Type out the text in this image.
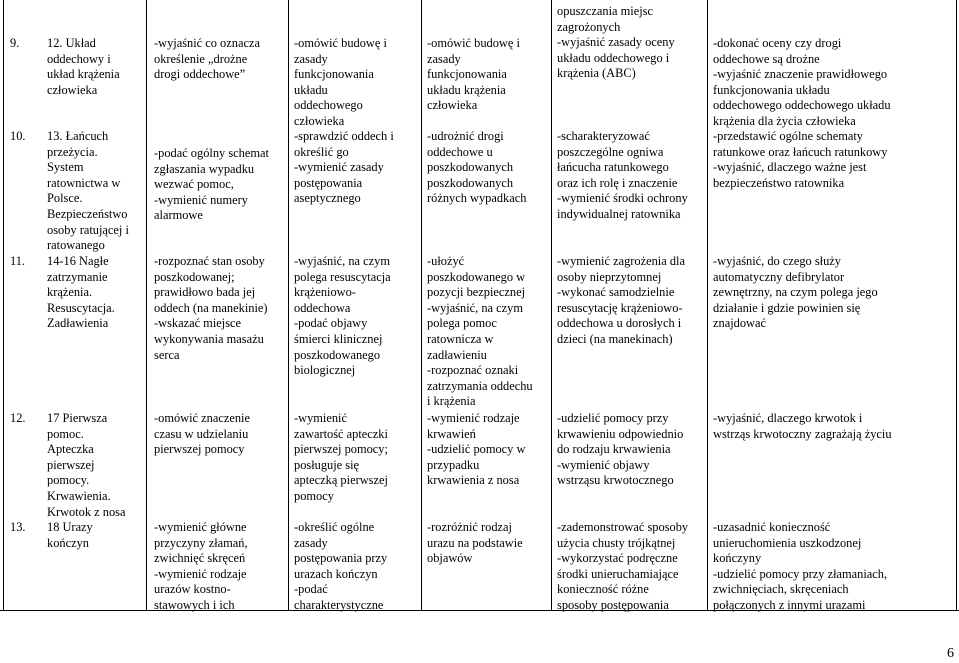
9. 12. Układ
oddechowy i
układ krążenia
człowieka
-wyjaśnić co oznacza
określenie „drożne
drogi oddechowe”
-omówić budowę i
zasady
funkcjonowania
układu
oddechowego
człowieka
-omówić budowę i
zasady
funkcjonowania
układu krążenia
człowieka
opuszczania miejsc
zagrożonych
-wyjaśnić zasady oceny
układu oddechowego i
krążenia (ABC)
-dokonać oceny czy drogi
oddechowe są drożne
-wyjaśnić znaczenie prawidłowego
funkcjonowania układu
oddechowego oddechowego układu
krążenia dla życia człowieka
10. 13. Łańcuch
przeżycia.
System
ratownictwa w
Polsce.
Bezpieczeństwo
osoby ratującej i
ratowanego
-podać ogólny schemat
zgłaszania wypadku
wezwać pomoc,
-wymienić numery
alarmowe
-sprawdzić oddech i
określić go
-wymienić zasady
postępowania
aseptycznego
-udrożnić drogi
oddechowe u
poszkodowanych
poszkodowanych
różnych wypadkach
-scharakteryzować
poszczególne ogniwa
łańcucha ratunkowego
oraz ich rolę i znaczenie
-wymienić środki ochrony
indywidualnej ratownika
-przedstawić ogólne schematy
ratunkowe oraz łańcuch ratunkowy
-wyjaśnić, dlaczego ważne jest
bezpieczeństwo ratownika
11. 14-16 Nagłe
zatrzymanie
krążenia.
Resuscytacja.
Zadławienia
-rozpoznać stan osoby
poszkodowanej;
prawidłowo bada jej
oddech (na manekinie)
-wskazać miejsce
wykonywania masażu
serca
-wyjaśnić, na czym
polega resuscytacja
krążeniowo-
oddechowa
-podać objawy
śmierci klinicznej
poszkodowanego
biologicznej
-ułożyć
poszkodowanego w
pozycji bezpiecznej
-wyjaśnić, na czym
polega pomoc
ratownicza w
zadławieniu
-rozpoznać oznaki
zatrzymania oddechu
i krążenia
-wymienić zagrożenia dla
osoby nieprzytomnej
-wykonać samodzielnie
resuscytację krążeniowo-
oddechowa u dorosłych i
dzieci (na manekinach)
-wyjaśnić, do czego służy
automatyczny defibrylator
zewnętrzny, na czym polega jego
działanie i gdzie powinien się
znajdować
12. 17 Pierwsza
pomoc.
Apteczka
pierwszej
pomocy.
Krwawienia.
Krwotok z nosa
-omówić znaczenie
czasu w udzielaniu
pierwszej pomocy
-wymienić
zawartość apteczki
pierwszej pomocy;
posługuje się
apteczką pierwszej
pomocy
-wymienić rodzaje
krwawień
-udzielić pomocy w
przypadku
krwawienia z nosa
-udzielić pomocy przy
krwawieniu odpowiednio
do rodzaju krwawienia
-wymienić objawy
wstrząsu krwotocznego
-wyjaśnić, dlaczego krwotok i
wstrząs krwotoczny zagrażają życiu
13. 18 Urazy
kończyn
-wymienić główne
przyczyny złamań,
zwichnięć skręceń
-wymienić rodzaje
urazów kostno-
stawowych i ich
-określić ogólne
zasady
postępowania przy
urazach kończyn
-podać
charakterystyczne
-rozróżnić rodzaj
urazu na podstawie
objawów
-zademonstrować sposoby
użycia chusty trójkątnej
-wykorzystać podręczne
środki unieruchamiające
konieczność różne
sposoby postępowania
-uzasadnić konieczność
unieruchomienia uszkodzonej
kończyny
-udzielić pomocy przy złamaniach,
zwichnięciach, skręceniach
połączonych z innymi urazami
6
